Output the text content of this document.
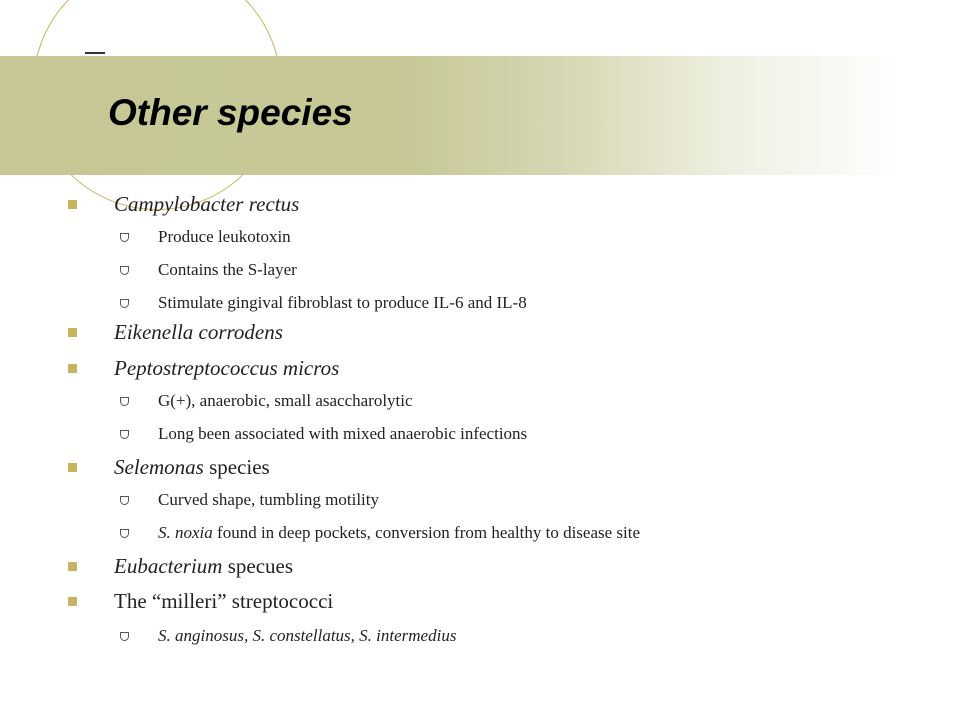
Other species
Campylobacter rectus
Produce leukotoxin
Contains the S-layer
Stimulate gingival fibroblast to produce IL-6 and IL-8
Eikenella corrodens
Peptostreptococcus micros
G(+), anaerobic, small asaccharolytic
Long been associated with mixed anaerobic infections
Selemonas species
Curved shape, tumbling motility
S. noxia found in deep pockets, conversion from healthy to disease site
Eubacterium specues
The “milleri” streptococci
S. anginosus, S. constellatus, S. intermedius
